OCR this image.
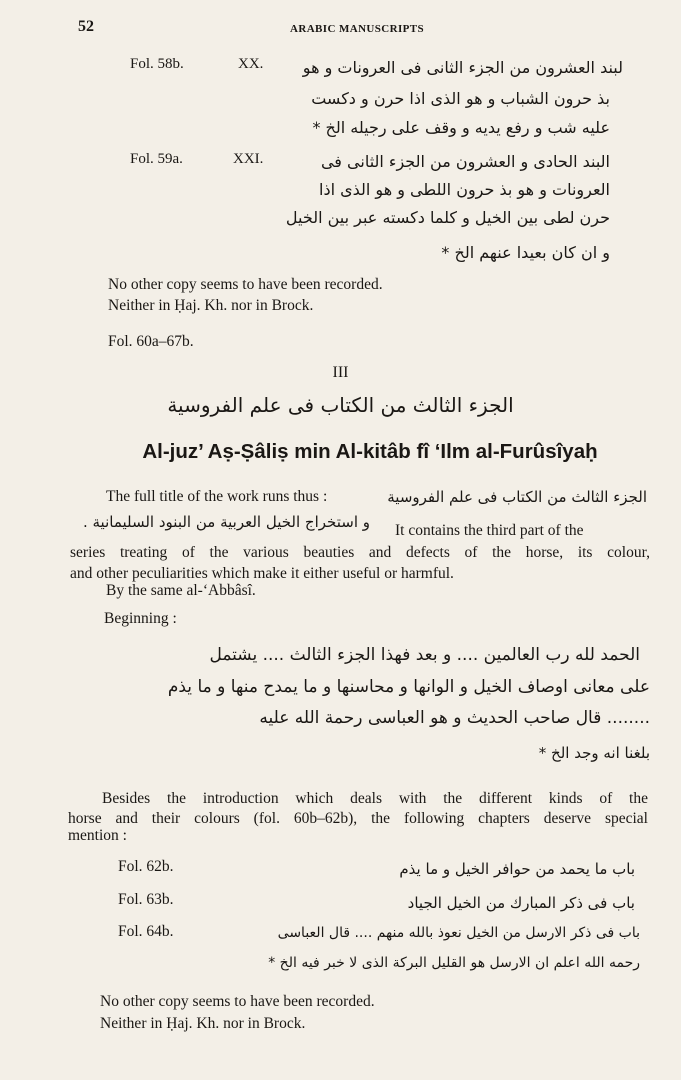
52	ARABIC MANUSCRIPTS
Fol. 58b.	XX.	لبند العشرون من الجزء الثانى فى العرونات و هو
بذ حرون الشباب و هو الذى اذا حرن و دكست
عليه شب و رفع يديه و وقف على رجيله الخ *
Fol. 59a.	XXI.	البند الحادى و العشرون من الجزء الثانى فى
العرونات و هو بذ حرون اللطى و هو الذى اذا
حرن لطى بين الخيل و كلما دكسته عبر بين الخيل
و ان كان بعيدا عنهم الخ *
No other copy seems to have been recorded.
Neither in Ḥaj. Kh. nor in Brock.
Fol. 60a–67b.
III
الجزء الثالث من الكتاب فى علم الفروسية
Al-juz’ Aṣ-Ṣâliṣ min Al-kitâb fî ‘Ilm al-Furûsîyaḥ
The full title of the work runs thus :	الجزء الثالث من الكتاب فى علم الفروسية
و استخراج الخيل العربية من البنود السليمانية . It contains the third part of the
series treating of the various beauties and defects of the horse, its colour,
and other peculiarities which make it either useful or harmful.
By the same al-‘Abbâsî.
Beginning :
الحمد لله رب العالمين .... و بعد فهذا الجزء الثالث .... يشتمل
على معانى اوصاف الخيل و الوانها و محاسنها و ما يمدح منها و ما يذم
........ قال صاحب الحديث و هو العباسى رحمة الله عليه
بلغنا انه وجد الخ *
Besides the introduction which deals with the different kinds of the
horse and their colours (fol. 60b–62b), the following chapters deserve special
mention :
Fol. 62b.	باب ما يحمد من حوافر الخيل و ما يذم
Fol. 63b.	باب فى ذكر المبارك من الخيل الجياد
Fol. 64b.	باب فى ذكر الارسل من الخيل نعوذ بالله منهم .... قال العباسى
رحمه الله اعلم ان الارسل هو القليل البركة الذى لا خبر فيه الخ *
No other copy seems to have been recorded.
Neither in Ḥaj. Kh. nor in Brock.
